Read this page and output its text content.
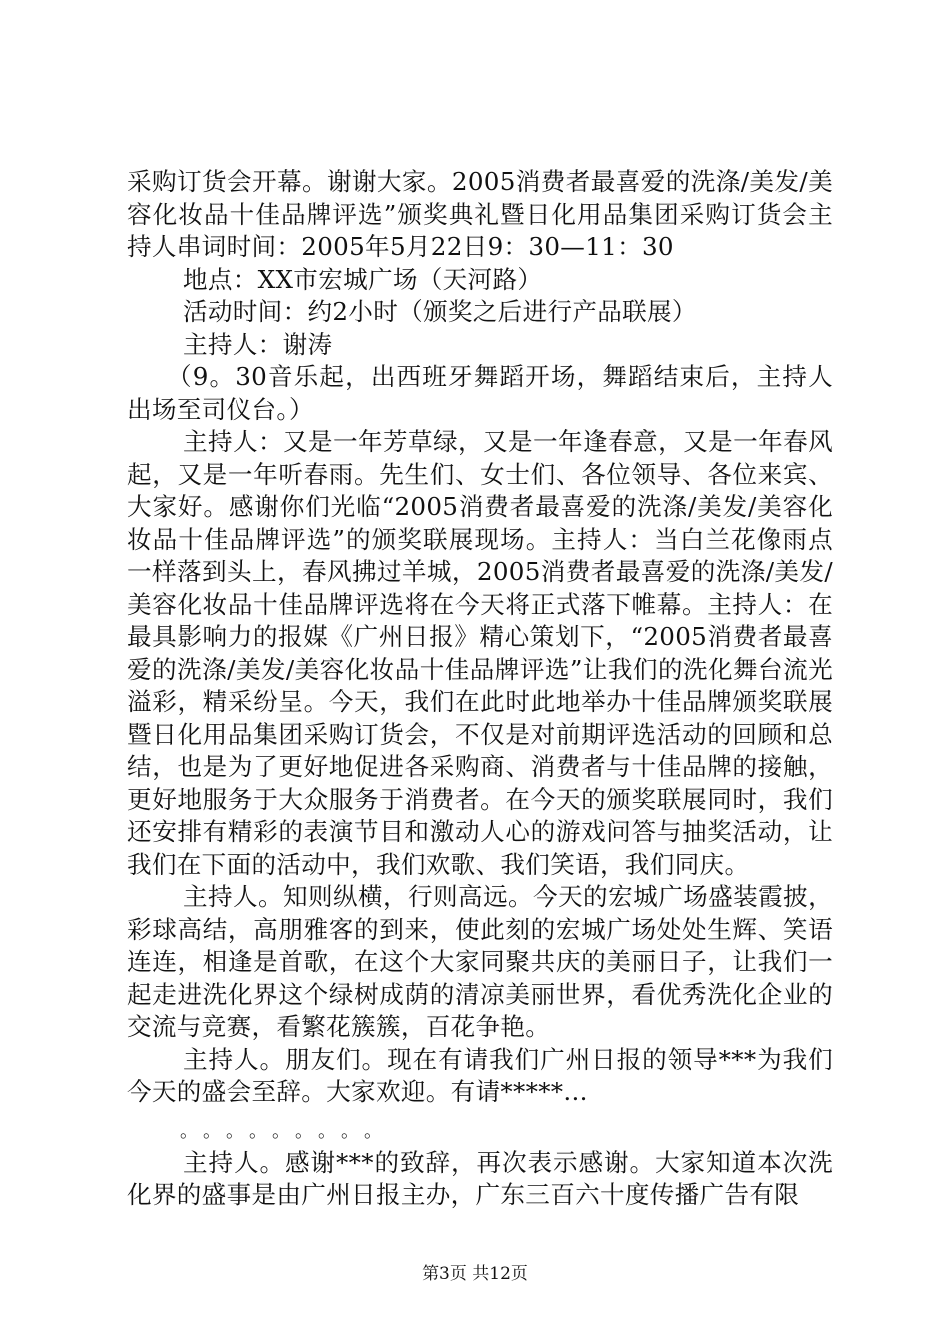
采购订货会开幕。谢谢大家。2005消费者最喜爱的洗涤/美发/美容化妆品十佳品牌评选”颁奖典礼暨日化用品集团采购订货会主持人串词时间：2005年5月22日9：30—11：30

地点：XX市宏城广场（天河路）

活动时间：约2小时（颁奖之后进行产品联展）

主持人：谢涛

（9。30音乐起，出西班牙舞蹈开场，舞蹈结束后，主持人出场至司仪台。）

主持人：又是一年芳草绿，又是一年逢春意，又是一年春风起，又是一年听春雨。先生们、女士们、各位领导、各位来宾、大家好。感谢你们光临“2005消费者最喜爱的洗涤/美发/美容化妆品十佳品牌评选”的颁奖联展现场。主持人：当白兰花像雨点一样落到头上，春风拂过羊城，2005消费者最喜爱的洗涤/美发/美容化妆品十佳品牌评选将在今天将正式落下帷幕。主持人：在最具影响力的报媒《广州日报》精心策划下，“2005消费者最喜爱的洗涤/美发/美容化妆品十佳品牌评选”让我们的洗化舞台流光溢彩，精采纷呈。今天，我们在此时此地举办十佳品牌颁奖联展暨日化用品集团采购订货会，不仅是对前期评选活动的回顾和总结，也是为了更好地促进各采购商、消费者与十佳品牌的接触，更好地服务于大众服务于消费者。在今天的颁奖联展同时，我们还安排有精彩的表演节目和激动人心的游戏问答与抽奖活动，让我们在下面的活动中，我们欢歌、我们笑语，我们同庆。

主持人。知则纵横，行则高远。今天的宏城广场盛装霞披，彩球高结，高朋雅客的到来，使此刻的宏城广场处处生辉、笑语连连，相逢是首歌，在这个大家同聚共庆的美丽日子，让我们一起走进洗化界这个绿树成荫的清凉美丽世界，看优秀洗化企业的交流与竞赛，看繁花簇簇，百花争艳。

主持人。朋友们。现在有请我们广州日报的领导***为我们今天的盛会至辞。大家欢迎。有请*****...

。。。。。。。。。

主持人。感谢***的致辞，再次表示感谢。大家知道本次洗化界的盛事是由广州日报主办，广东三百六十度传播广告有限

第3页 共12页
